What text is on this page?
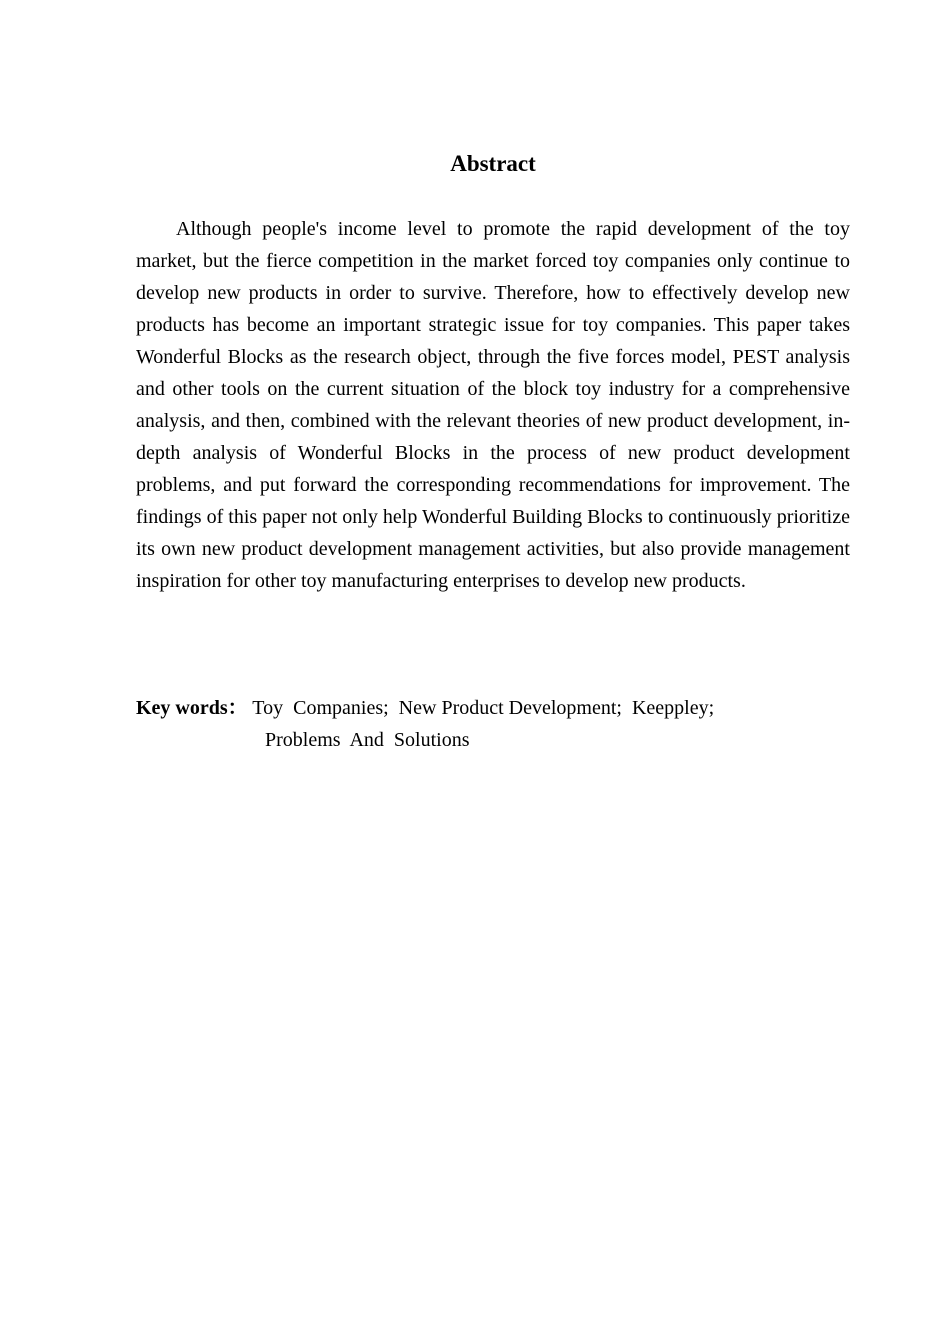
Abstract

Although people's income level to promote the rapid development of the toy market, but the fierce competition in the market forced toy companies only continue to develop new products in order to survive. Therefore, how to effectively develop new products has become an important strategic issue for toy companies. This paper takes Wonderful Blocks as the research object, through the five forces model, PEST analysis and other tools on the current situation of the block toy industry for a comprehensive analysis, and then, combined with the relevant theories of new product development, in-depth analysis of Wonderful Blocks in the process of new product development problems, and put forward the corresponding recommendations for improvement. The findings of this paper not only help Wonderful Building Blocks to continuously prioritize its own new product development management activities, but also provide management inspiration for other toy manufacturing enterprises to develop new products.

Key words： Toy  Companies;  New Product Development;  Keeppley;
Problems  And  Solutions
